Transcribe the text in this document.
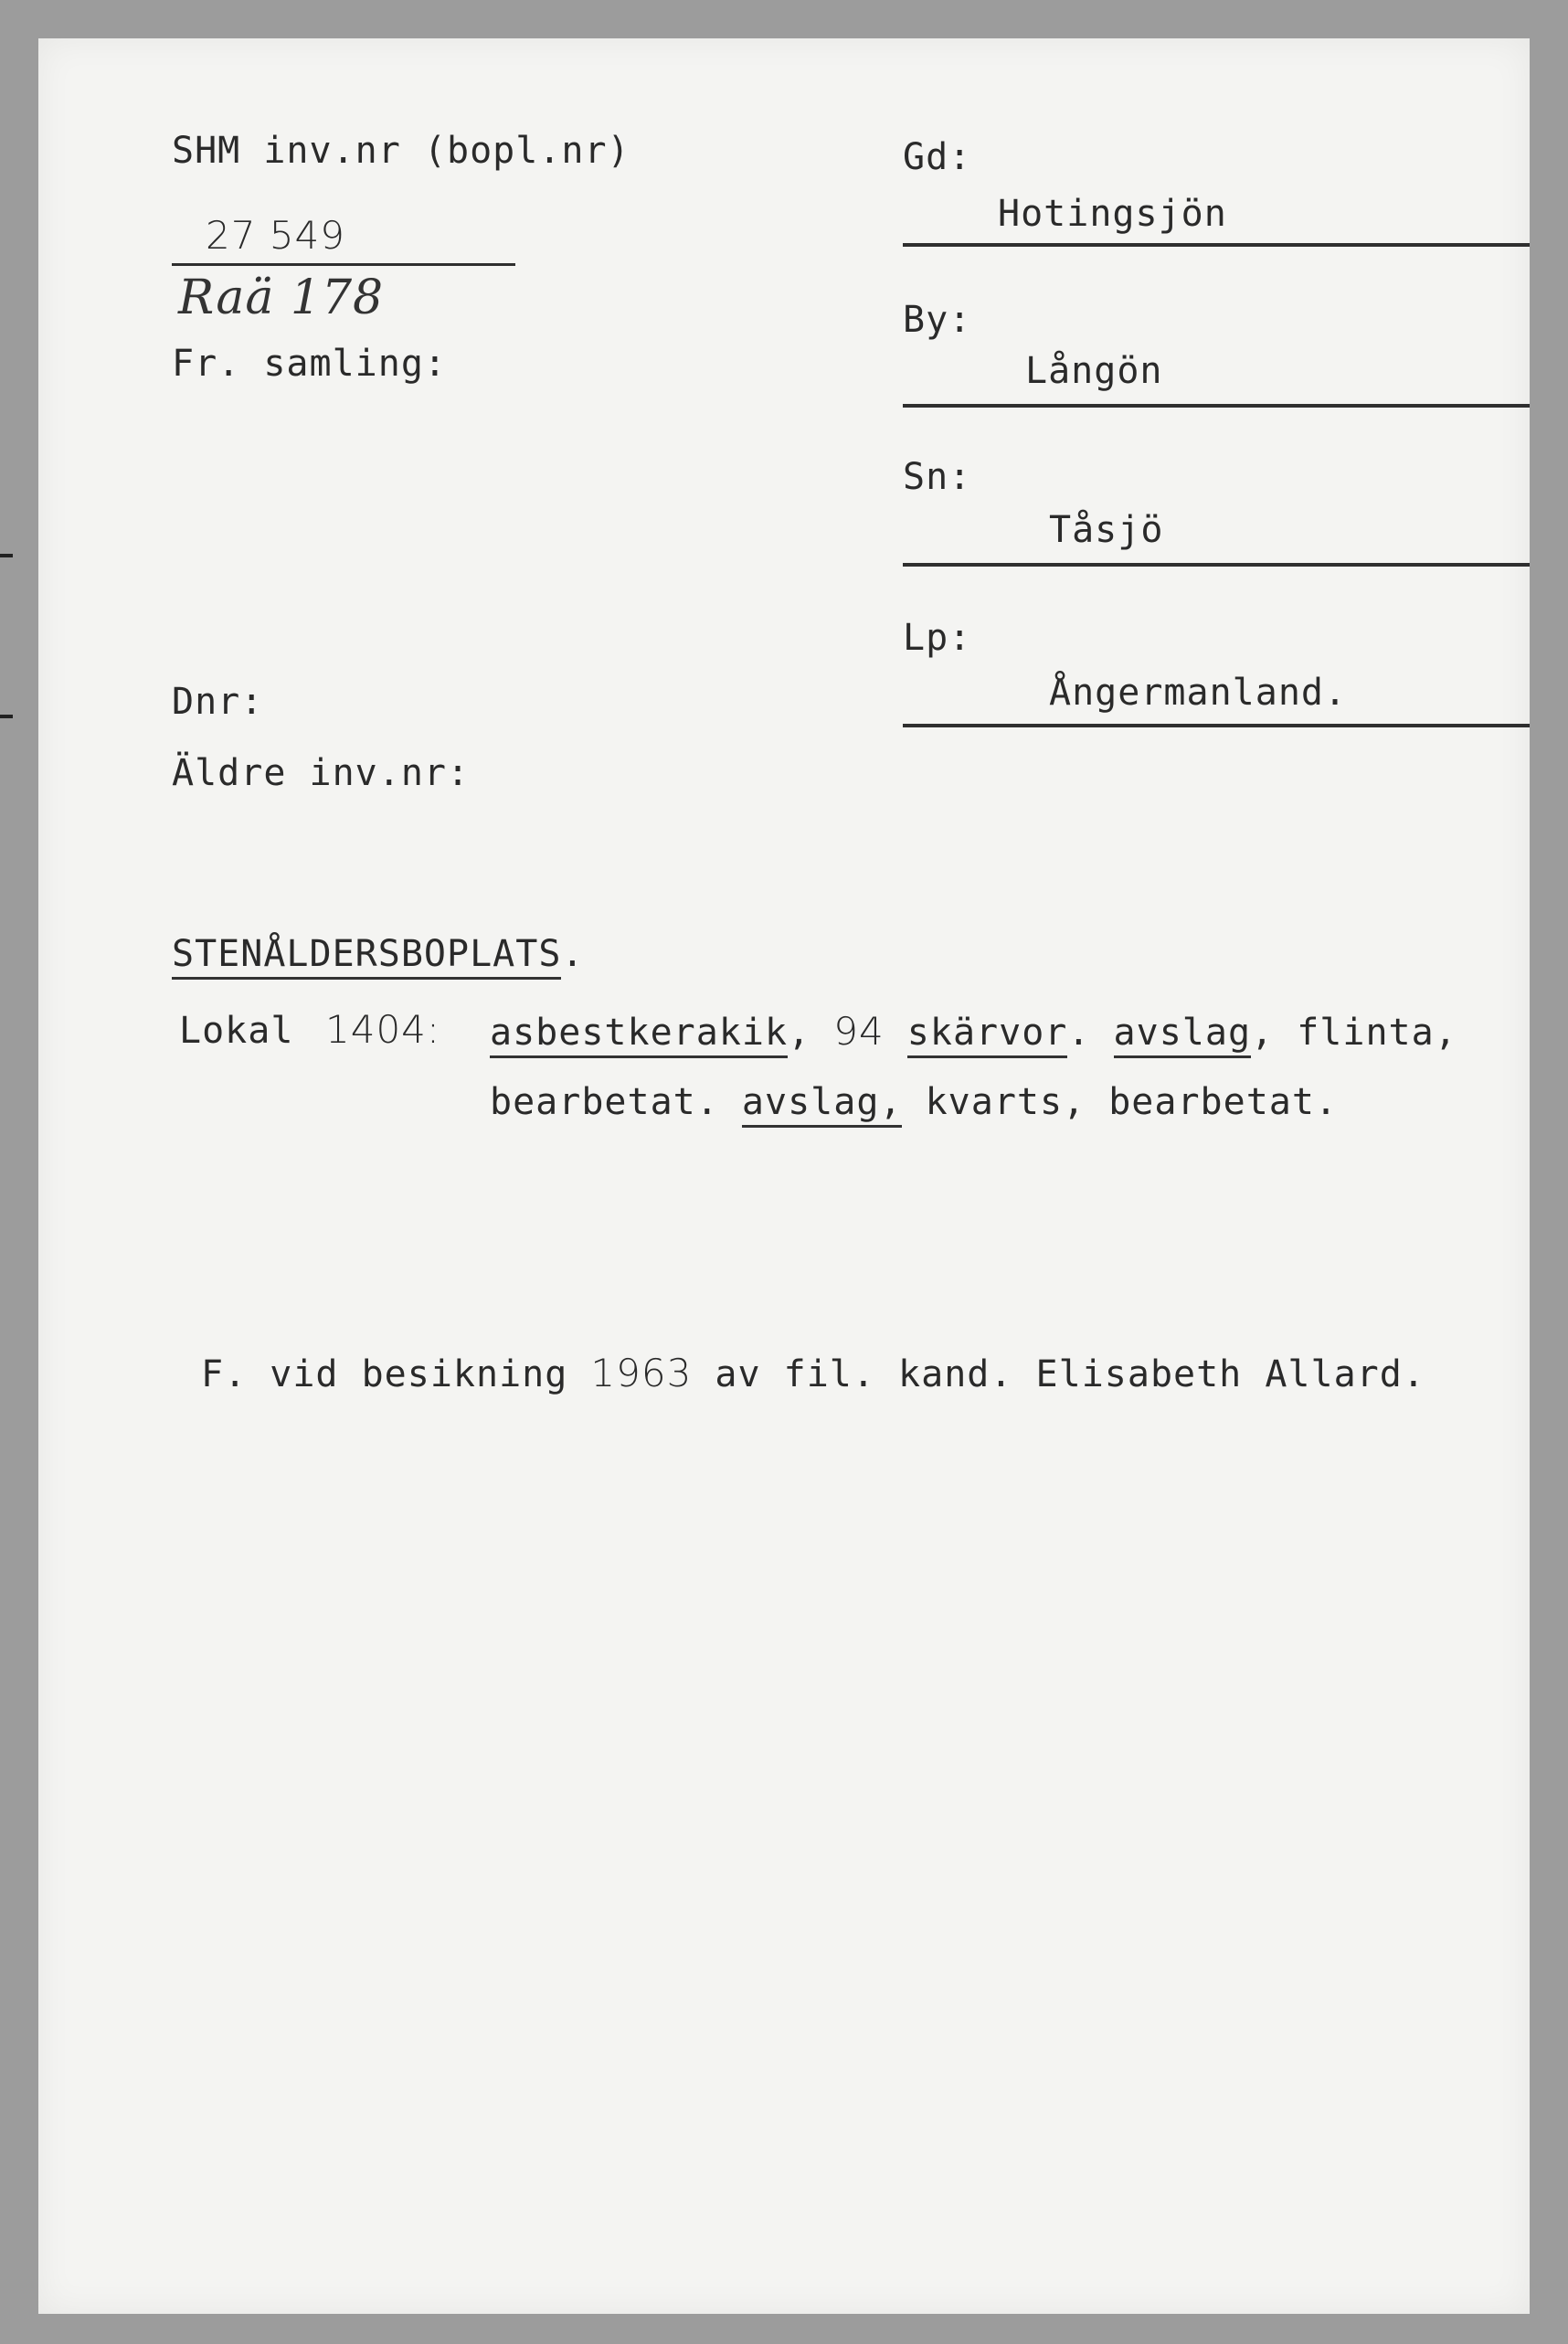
SHM inv.nr (bopl.nr)
27 549
Raä 178
Fr. samling:
Dnr:
Äldre inv.nr:
Gd:
Hotingsjön
By:
Långön
Sn:
Tåsjö
Lp:
Ångermanland.
STENÅLDERSBOPLATS.
Lokal 1404: asbestkerakik, 94 skärvor. avslag, flinta,
bearbetat. avslag, kvarts, bearbetat.
F. vid besikning 1963 av fil. kand. Elisabeth Allard.
